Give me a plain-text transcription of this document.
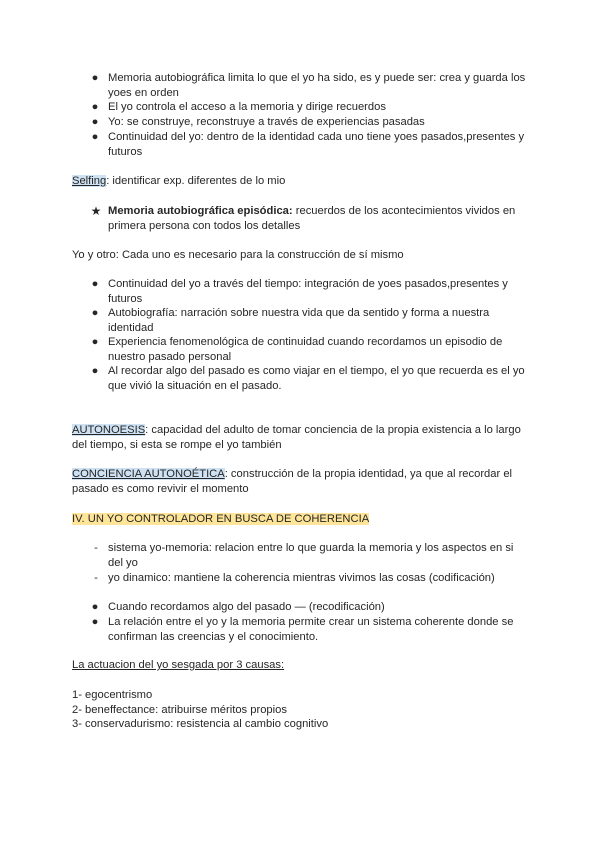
● Memoria autobiográfica limita lo que el yo ha sido, es y puede ser: crea y guarda los yoes en orden
● El yo controla el acceso a la memoria y dirige recuerdos
● Yo: se construye, reconstruye a través de experiencias pasadas
● Continuidad del yo: dentro de la identidad cada uno tiene yoes pasados,presentes y futuros
Selfing: identificar exp. diferentes de lo mio
★ Memoria autobiográfica episódica: recuerdos de los acontecimientos vividos en primera persona con todos los detalles
Yo y otro: Cada uno es necesario para la construcción de sí mismo
● Continuidad del yo a través del tiempo: integración de yoes pasados,presentes y futuros
● Autobiografía: narración sobre nuestra vida que da sentido y forma a nuestra identidad
● Experiencia fenomenológica de continuidad cuando recordamos un episodio de nuestro pasado personal
● Al recordar algo del pasado es como viajar en el tiempo, el yo que recuerda es el yo que vivió la situación en el pasado.
AUTONOESIS: capacidad del adulto de tomar conciencia de la propia existencia a lo largo
del tiempo, si esta se rompe el yo también
CONCIENCIA AUTONOÉTICA: construcción de la propia identidad, ya que al recordar el
pasado es como revivir el momento
IV. UN YO CONTROLADOR EN BUSCA DE COHERENCIA
- sistema yo-memoria: relacion entre lo que guarda la memoria y los aspectos en si del yo
- yo dinamico: mantiene la coherencia mientras vivimos las cosas (codificación)
● Cuando recordamos algo del pasado — (recodificación)
● La relación entre el yo y la memoria permite crear un sistema coherente donde se confirman las creencias y el conocimiento.
La actuacion del yo sesgada por 3 causas:
1- egocentrismo
2- beneffectance: atribuirse méritos propios
3- conservadurismo: resistencia al cambio cognitivo
